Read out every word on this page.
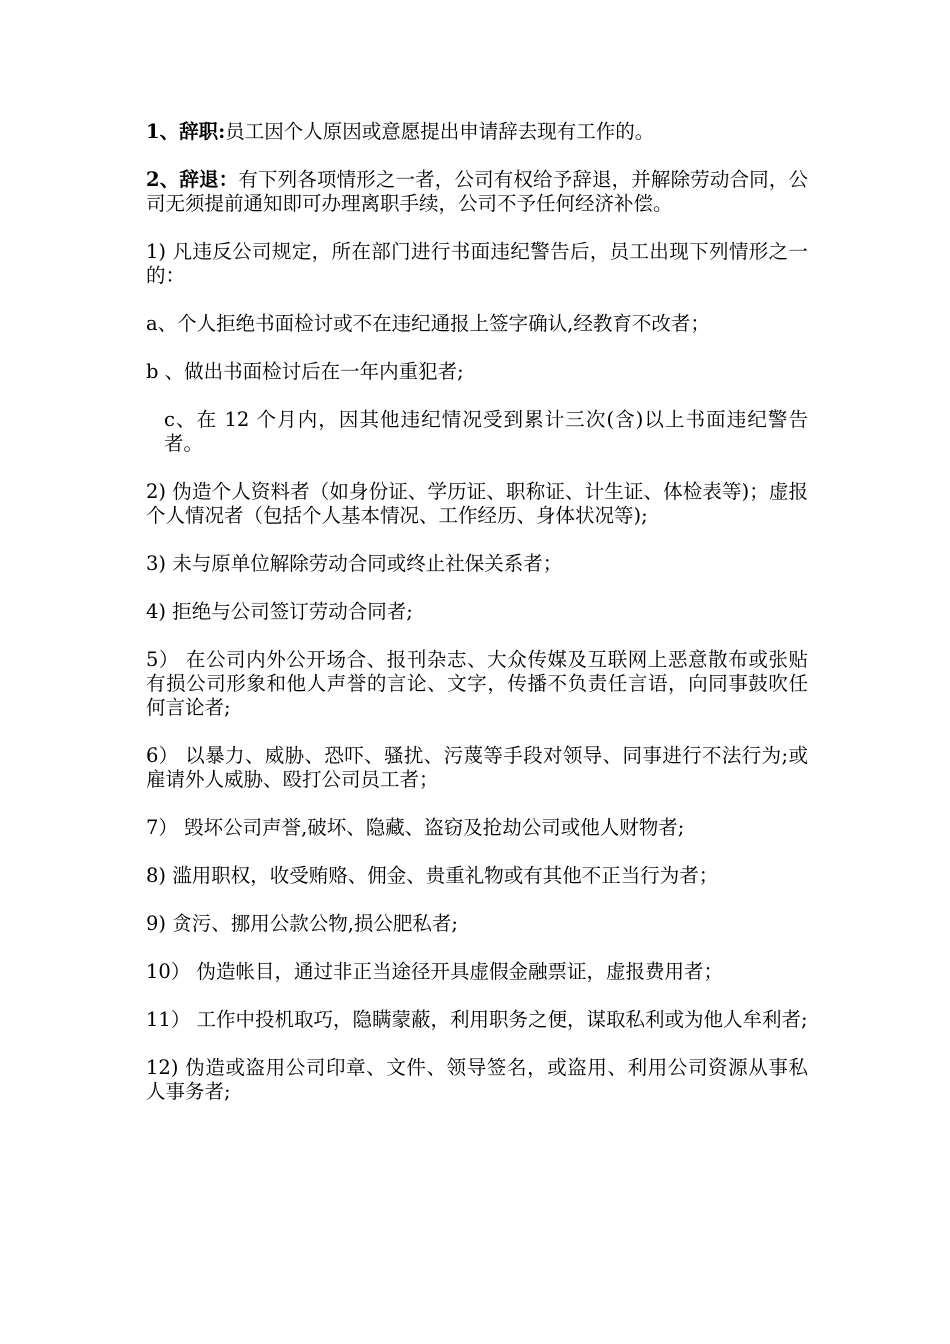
1、辞职:员工因个人原因或意愿提出申请辞去现有工作的。

2、辞退：有下列各项情形之一者，公司有权给予辞退，并解除劳动合同，公司无须提前通知即可办理离职手续，公司不予任何经济补偿。

1) 凡违反公司规定，所在部门进行书面违纪警告后，员工出现下列情形之一的：

a、个人拒绝书面检讨或不在违纪通报上签字确认,经教育不改者；

b 、做出书面检讨后在一年内重犯者;

c、在 12 个月内，因其他违纪情况受到累计三次(含)以上书面违纪警告者。

2) 伪造个人资料者（如身份证、学历证、职称证、计生证、体检表等)；虚报个人情况者（包括个人基本情况、工作经历、身体状况等);

3) 未与原单位解除劳动合同或终止社保关系者；

4) 拒绝与公司签订劳动合同者;

5） 在公司内外公开场合、报刊杂志、大众传媒及互联网上恶意散布或张贴有损公司形象和他人声誉的言论、文字，传播不负责任言语，向同事鼓吹任何言论者;

6） 以暴力、威胁、恐吓、骚扰、污蔑等手段对领导、同事进行不法行为;或雇请外人威胁、殴打公司员工者；

7） 毁坏公司声誉,破坏、隐藏、盗窃及抢劫公司或他人财物者;

8) 滥用职权，收受贿赂、佣金、贵重礼物或有其他不正当行为者；

9) 贪污、挪用公款公物,损公肥私者;

10） 伪造帐目，通过非正当途径开具虚假金融票证，虚报费用者；

11） 工作中投机取巧，隐瞒蒙蔽，利用职务之便，谋取私利或为他人牟利者;

12) 伪造或盗用公司印章、文件、领导签名，或盗用、利用公司资源从事私人事务者;
